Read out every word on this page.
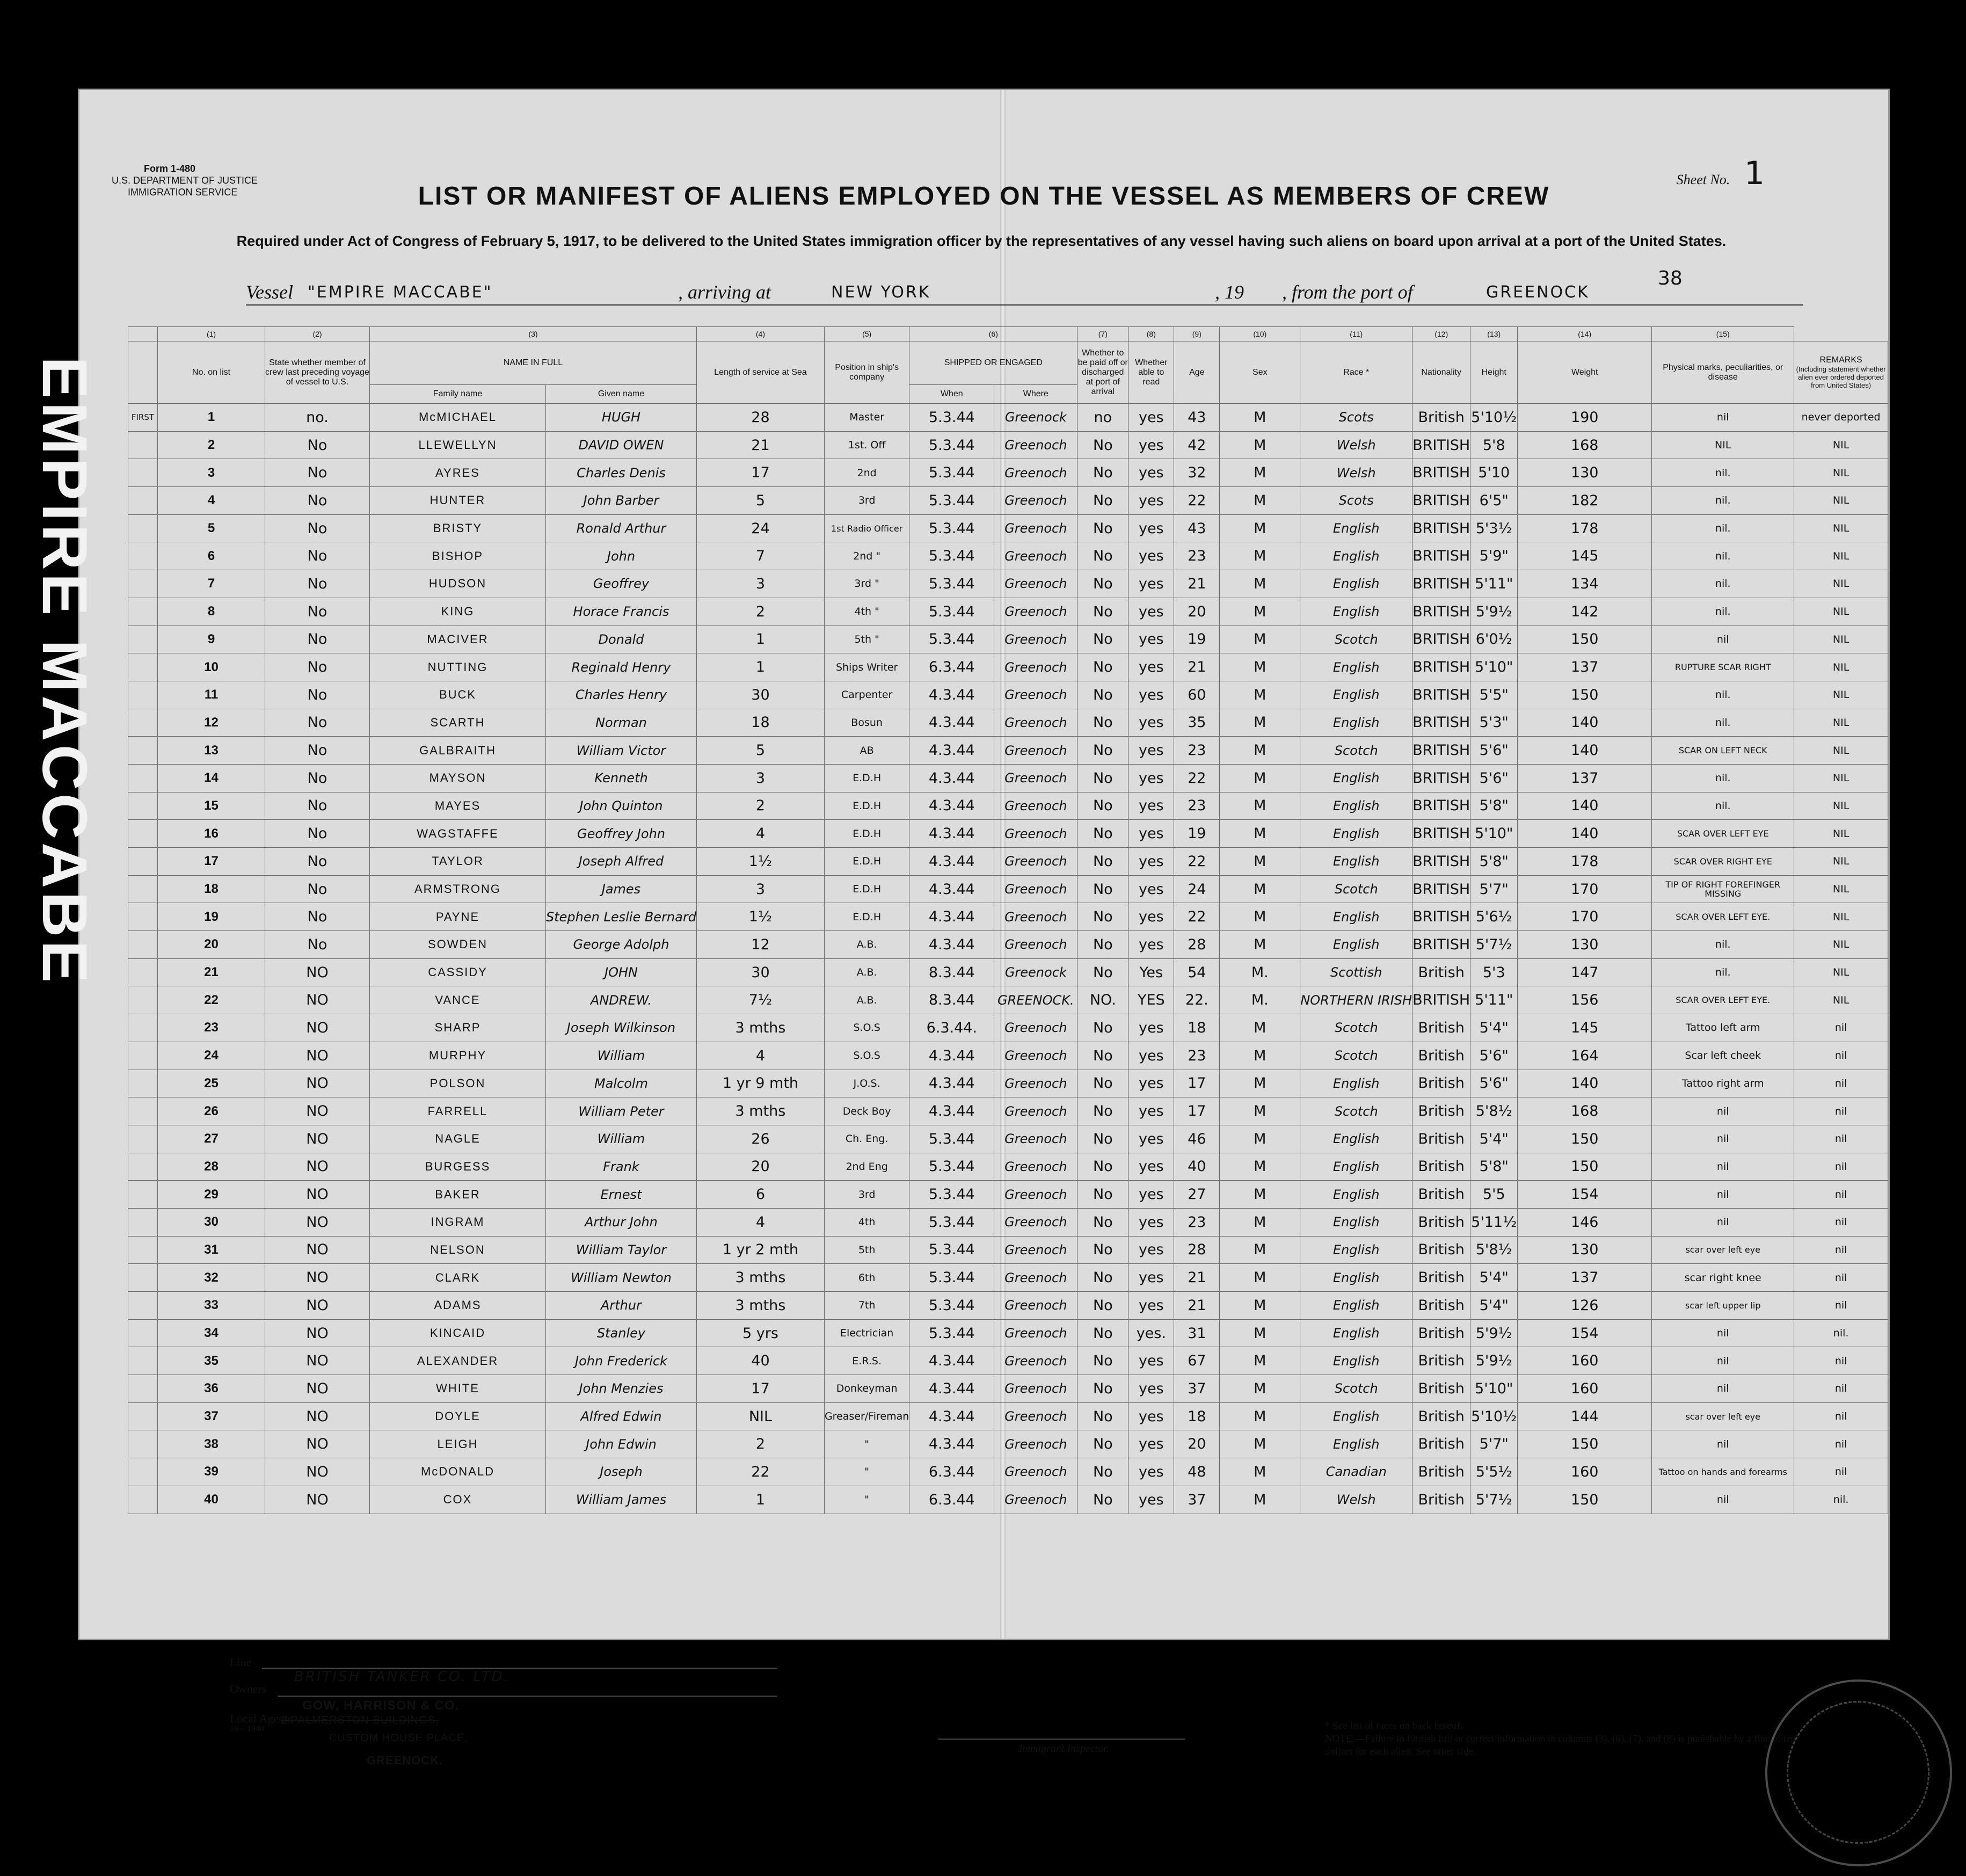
Form 1-480
U.S. DEPARTMENT OF JUSTICE
IMMIGRATION SERVICE
Sheet No. 1
LIST OR MANIFEST OF ALIENS EMPLOYED ON THE VESSEL AS MEMBERS OF CREW
Required under Act of Congress of February 5, 1917, to be delivered to the United States immigration officer by the representatives of any vessel having such aliens on board upon arrival at a port of the United States.
38
Vessel "EMPIRE MACCABE"	, arriving at	NEW YORK	, 19 , from the port of	GREENOCK
	(1)	(2)	(3)		(4)	(5)	(6)		(7)	(8)	(9)	(10)	(11)	(12)	(13)	(14)	(15)	
	No. on list	State whether member of crew last preceding voyage of vessel to U.S.	NAME IN FULL		Length of service at Sea	Position in ship's company	SHIPPED OR ENGAGED		Whether to be paid off or discharged at port of arrival	Whether able to read	Age	Sex	Race *	Nationality	Height	Weight	Physical marks, peculiarities, or disease	REMARKS
(Including statement whether alien ever ordered deported from United States)

			Family name	Given name			When	Where										
FIRST	1	no.	McMICHAEL	HUGH	28	Master	5.3.44	Greenock	no	yes	43	M	Scots	British	5'10½	190	nil	never deported
	2	No	LLEWELLYN	DAVID OWEN	21	1st. Off	5.3.44	Greenoch	No	yes	42	M	Welsh	BRITISH	5'8	168	NIL	NIL
	3	No	AYRES	Charles Denis	17	2nd	5.3.44	Greenoch	No	yes	32	M	Welsh	BRITISH	5'10	130	nil.	NIL
	4	No	HUNTER	John Barber	5	3rd	5.3.44	Greenoch	No	yes	22	M	Scots	BRITISH	6'5"	182	nil.	NIL
	5	No	BRISTY	Ronald Arthur	24	1st Radio Officer	5.3.44	Greenoch	No	yes	43	M	English	BRITISH	5'3½	178	nil.	NIL
	6	No	BISHOP	John	7	2nd "	5.3.44	Greenoch	No	yes	23	M	English	BRITISH	5'9"	145	nil.	NIL
	7	No	HUDSON	Geoffrey	3	3rd "	5.3.44	Greenoch	No	yes	21	M	English	BRITISH	5'11"	134	nil.	NIL
	8	No	KING	Horace Francis	2	4th "	5.3.44	Greenoch	No	yes	20	M	English	BRITISH	5'9½	142	nil.	NIL
	9	No	MACIVER	Donald	1	5th "	5.3.44	Greenoch	No	yes	19	M	Scotch	BRITISH	6'0½	150	nil	NIL
	10	No	NUTTING	Reginald Henry	1	Ships Writer	6.3.44	Greenoch	No	yes	21	M	English	BRITISH	5'10"	137	RUPTURE SCAR RIGHT	NIL
	11	No	BUCK	Charles Henry	30	Carpenter	4.3.44	Greenoch	No	yes	60	M	English	BRITISH	5'5"	150	nil.	NIL
	12	No	SCARTH	Norman	18	Bosun	4.3.44	Greenoch	No	yes	35	M	English	BRITISH	5'3"	140	nil.	NIL
	13	No	GALBRAITH	William Victor	5	AB	4.3.44	Greenoch	No	yes	23	M	Scotch	BRITISH	5'6"	140	SCAR ON LEFT NECK	NIL
	14	No	MAYSON	Kenneth	3	E.D.H	4.3.44	Greenoch	No	yes	22	M	English	BRITISH	5'6"	137	nil.	NIL
	15	No	MAYES	John Quinton	2	E.D.H	4.3.44	Greenoch	No	yes	23	M	English	BRITISH	5'8"	140	nil.	NIL
	16	No	WAGSTAFFE	Geoffrey John	4	E.D.H	4.3.44	Greenoch	No	yes	19	M	English	BRITISH	5'10"	140	SCAR OVER LEFT EYE	NIL
	17	No	TAYLOR	Joseph Alfred	1½	E.D.H	4.3.44	Greenoch	No	yes	22	M	English	BRITISH	5'8"	178	SCAR OVER RIGHT EYE	NIL
	18	No	ARMSTRONG	James	3	E.D.H	4.3.44	Greenoch	No	yes	24	M	Scotch	BRITISH	5'7"	170	TIP OF RIGHT FOREFINGER MISSING	NIL
	19	No	PAYNE	Stephen Leslie Bernard	1½	E.D.H	4.3.44	Greenoch	No	yes	22	M	English	BRITISH	5'6½	170	SCAR OVER LEFT EYE.	NIL
	20	No	SOWDEN	George Adolph	12	A.B.	4.3.44	Greenoch	No	yes	28	M	English	BRITISH	5'7½	130	nil.	NIL
	21	NO	CASSIDY	JOHN	30	A.B.	8.3.44	Greenock	No	Yes	54	M.	Scottish	British	5'3	147	nil.	NIL
	22	NO	VANCE	ANDREW.	7½	A.B.	8.3.44	GREENOCK.	NO.	YES	22.	M.	NORTHERN IRISH	BRITISH	5'11"	156	SCAR OVER LEFT EYE.	NIL
	23	NO	SHARP	Joseph Wilkinson	3 mths	S.O.S	6.3.44.	Greenoch	No	yes	18	M	Scotch	British	5'4"	145	Tattoo left arm	nil
	24	NO	MURPHY	William	4	S.O.S	4.3.44	Greenoch	No	yes	23	M	Scotch	British	5'6"	164	Scar left cheek	nil
	25	NO	POLSON	Malcolm	1 yr 9 mth	J.O.S.	4.3.44	Greenoch	No	yes	17	M	English	British	5'6"	140	Tattoo right arm	nil
	26	NO	FARRELL	William Peter	3 mths	Deck Boy	4.3.44	Greenoch	No	yes	17	M	Scotch	British	5'8½	168	nil	nil
	27	NO	NAGLE	William	26	Ch. Eng.	5.3.44	Greenoch	No	yes	46	M	English	British	5'4"	150	nil	nil
	28	NO	BURGESS	Frank	20	2nd Eng	5.3.44	Greenoch	No	yes	40	M	English	British	5'8"	150	nil	nil
	29	NO	BAKER	Ernest	6	3rd	5.3.44	Greenoch	No	yes	27	M	English	British	5'5	154	nil	nil
	30	NO	INGRAM	Arthur John	4	4th	5.3.44	Greenoch	No	yes	23	M	English	British	5'11½	146	nil	nil
	31	NO	NELSON	William Taylor	1 yr 2 mth	5th	5.3.44	Greenoch	No	yes	28	M	English	British	5'8½	130	scar over left eye	nil
	32	NO	CLARK	William Newton	3 mths	6th	5.3.44	Greenoch	No	yes	21	M	English	British	5'4"	137	scar right knee	nil
	33	NO	ADAMS	Arthur	3 mths	7th	5.3.44	Greenoch	No	yes	21	M	English	British	5'4"	126	scar left upper lip	nil
	34	NO	KINCAID	Stanley	5 yrs	Electrician	5.3.44	Greenoch	No	yes.	31	M	English	British	5'9½	154	nil	nil.
	35	NO	ALEXANDER	John Frederick	40	E.R.S.	4.3.44	Greenoch	No	yes	67	M	English	British	5'9½	160	nil	nil
	36	NO	WHITE	John Menzies	17	Donkeyman	4.3.44	Greenoch	No	yes	37	M	Scotch	British	5'10"	160	nil	nil
	37	NO	DOYLE	Alfred Edwin	NIL	Greaser/Fireman	4.3.44	Greenoch	No	yes	18	M	English	British	5'10½	144	scar over left eye	nil
	38	NO	LEIGH	John Edwin	2	"	4.3.44	Greenoch	No	yes	20	M	English	British	5'7"	150	nil	nil
	39	NO	McDONALD	Joseph	22	"	6.3.44	Greenoch	No	yes	48	M	Canadian	British	5'5½	160	Tattoo on hands and forearms	nil
	40	NO	COX	William James	1	"	6.3.44	Greenoch	No	yes	37	M	Welsh	British	5'7½	150	nil	nil.
Line
Owners
BRITISH TANKER CO. LTD.
GOW, HARRISON & CO.
Local Agents
16—1940
2 PALMERSTON BUILDINGS,
CUSTOM HOUSE PLACE,
GREENOCK.
Immigrant Inspector.
* See list of races on back hereof.
NOTE.—Failure to furnish full or correct information in columns (3), (6), (7), and (8) is punishable by a fine of ten dollars for each alien. See other side.
EMPIRE MACCABE
